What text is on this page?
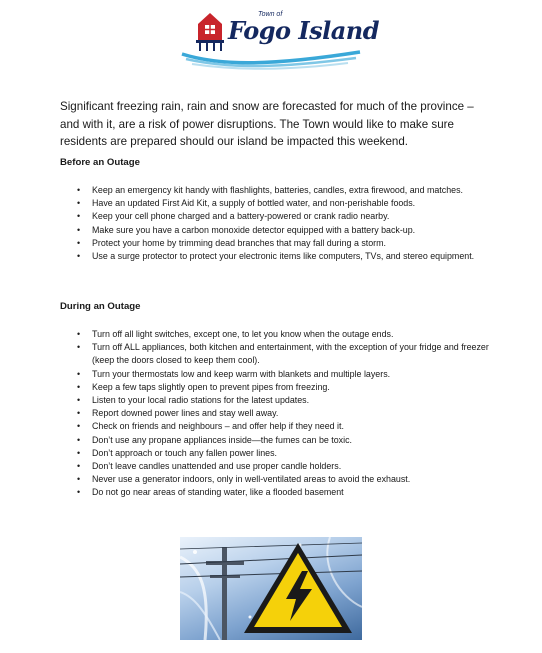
Town of
Fogo Island

Significant freezing rain, rain and snow are forecasted for much of the province – and with it, are a risk of power disruptions. The Town would like to make sure residents are prepared should our island be impacted this weekend.

Before an Outage
•	Keep an emergency kit handy with flashlights, batteries, candles, extra firewood, and matches.
•	Have an updated First Aid Kit, a supply of bottled water, and non-perishable foods.
•	Keep your cell phone charged and a battery-powered or crank radio nearby.
•	Make sure you have a carbon monoxide detector equipped with a battery back-up.
•	Protect your home by trimming dead branches that may fall during a storm.
•	Use a surge protector to protect your electronic items like computers, TVs, and stereo equipment.
During an Outage
•	Turn off all light switches, except one, to let you know when the outage ends.
•	Turn off ALL appliances, both kitchen and entertainment, with the exception of your fridge and freezer (keep the doors closed to keep them cool).
•	Turn your thermostats low and keep warm with blankets and multiple layers.
•	Keep a few taps slightly open to prevent pipes from freezing.
•	Listen to your local radio stations for the latest updates.
•	Report downed power lines and stay well away.
•	Check on friends and neighbours – and offer help if they need it.
•	Don’t use any propane appliances inside—the fumes can be toxic.
•	Don’t approach or touch any fallen power lines.
•	Don’t leave candles unattended and use proper candle holders.
•	Never use a generator indoors, only in well-ventilated areas to avoid the exhaust.
•	Do not go near areas of standing water, like a flooded basement
